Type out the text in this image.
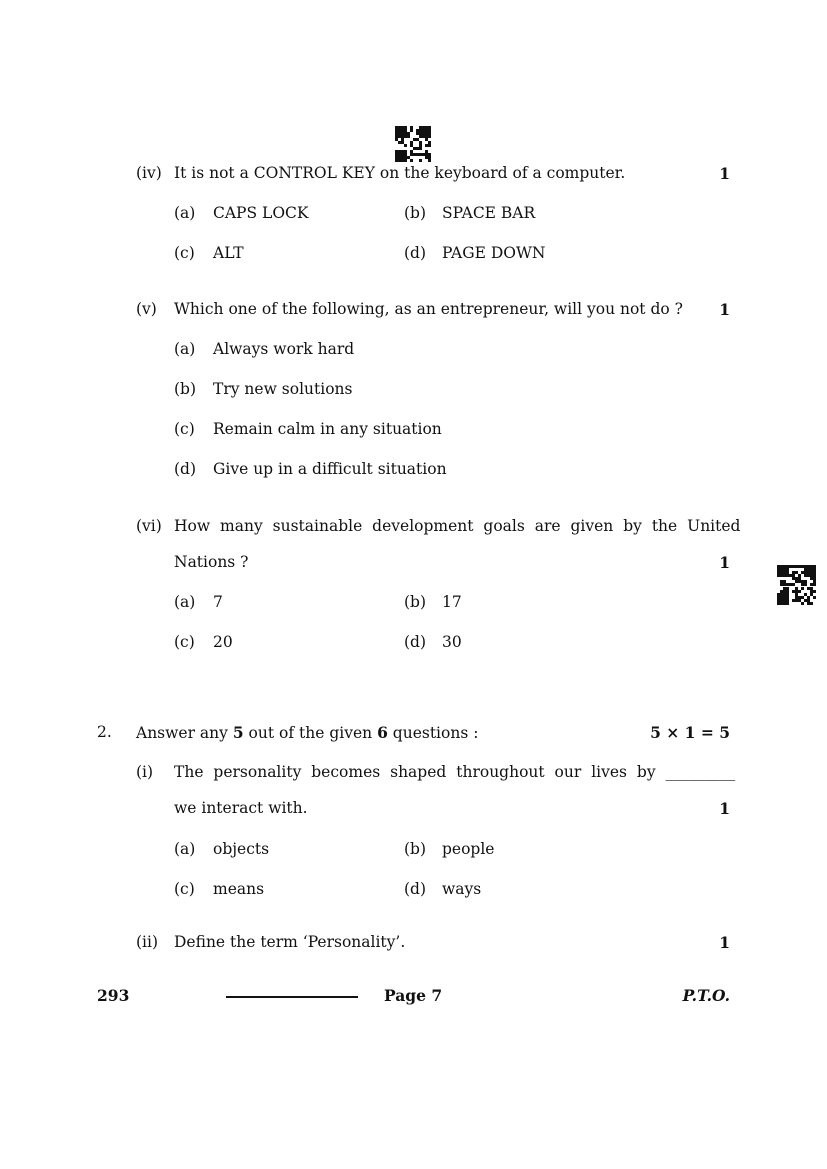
(iv) It is not a CONTROL KEY on the keyboard of a computer.	1
(a) CAPS LOCK	(b) SPACE BAR
(c) ALT	(d) PAGE DOWN
(v) Which one of the following, as an entrepreneur, will you not do ? 1
(a) Always work hard
(b) Try new solutions
(c) Remain calm in any situation
(d) Give up in a difficult situation
(vi) How many sustainable development goals are given by the United
Nations ?	1
(a) 7	(b) 17
(c) 20	(d) 30
2. Answer any 5 out of the given 6 questions :	5 × 1 = 5
(i) The personality becomes shaped throughout our lives by _________
we interact with.	1
(a) objects	(b) people
(c) means	(d) ways
(ii) Define the term ‘Personality’.	1
293	Page 7	P.T.O.
